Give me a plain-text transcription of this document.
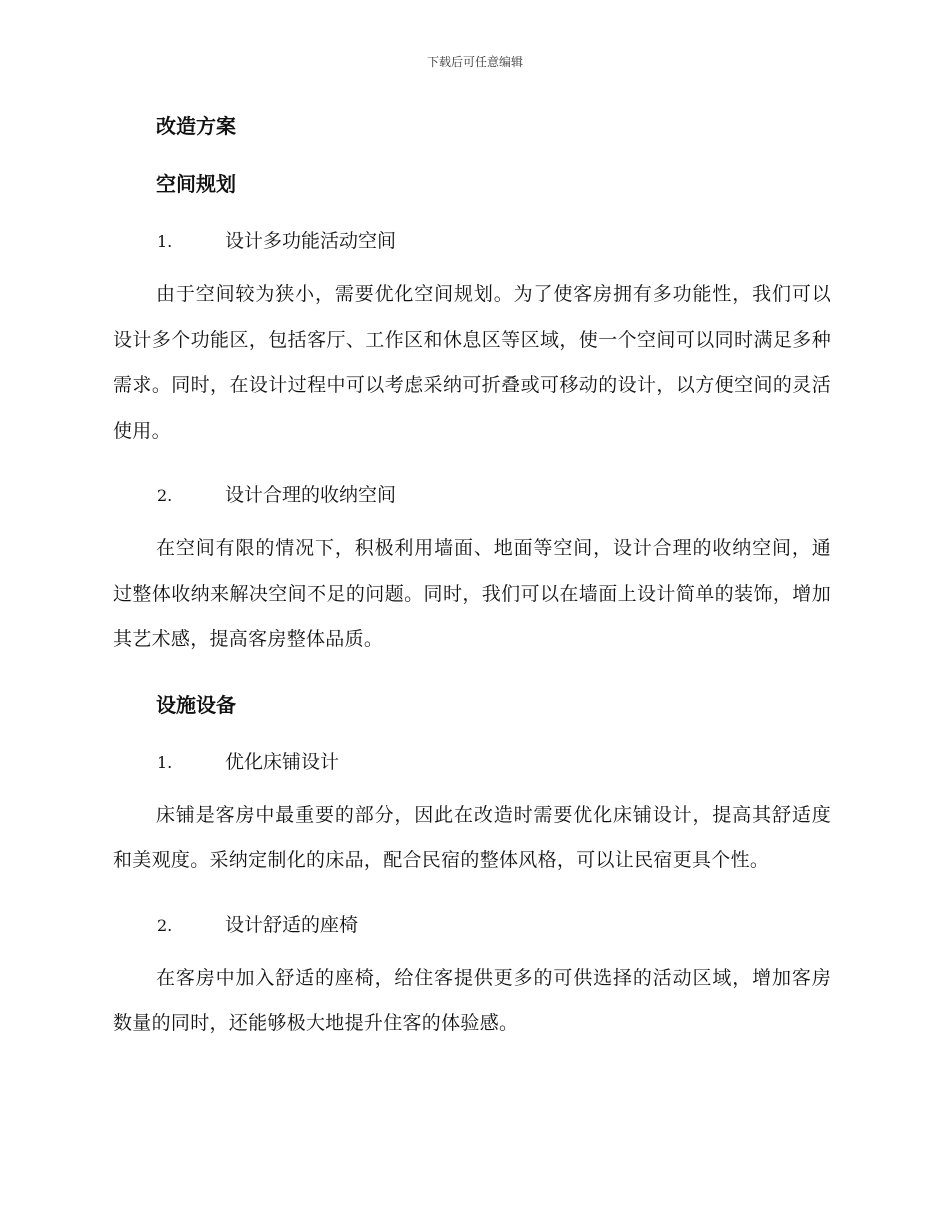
下载后可任意编辑
改造方案
空间规划
1.	设计多功能活动空间
由于空间较为狭小，需要优化空间规划。为了使客房拥有多功能性，我们可以设计多个功能区，包括客厅、工作区和休息区等区域，使一个空间可以同时满足多种需求。同时，在设计过程中可以考虑采纳可折叠或可移动的设计，以方便空间的灵活使用。
2.	设计合理的收纳空间
在空间有限的情况下，积极利用墙面、地面等空间，设计合理的收纳空间，通过整体收纳来解决空间不足的问题。同时，我们可以在墙面上设计简单的装饰，增加其艺术感，提高客房整体品质。
设施设备
1.	优化床铺设计
床铺是客房中最重要的部分，因此在改造时需要优化床铺设计，提高其舒适度和美观度。采纳定制化的床品，配合民宿的整体风格，可以让民宿更具个性。
2.	设计舒适的座椅
在客房中加入舒适的座椅，给住客提供更多的可供选择的活动区域，增加客房数量的同时，还能够极大地提升住客的体验感。
